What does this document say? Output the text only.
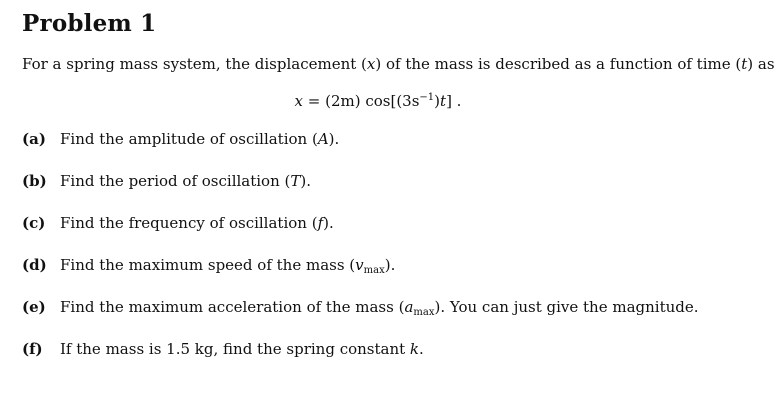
Problem 1
For a spring mass system, the displacement (x) of the mass is described as a function of time (t) as
x = (2m) $\cos[(3s^{-1})t]$ .
(a) Find the amplitude of oscillation (A).
(b) Find the period of oscillation (T).
(c) Find the frequency of oscillation (f).
(d) Find the maximum speed of the mass $(v_{max})$.
(e) Find the maximum acceleration of the mass $(a_{max})$. You can just give the magnitude.
(f) If the mass is 1.5 kg, find the spring constant k.
